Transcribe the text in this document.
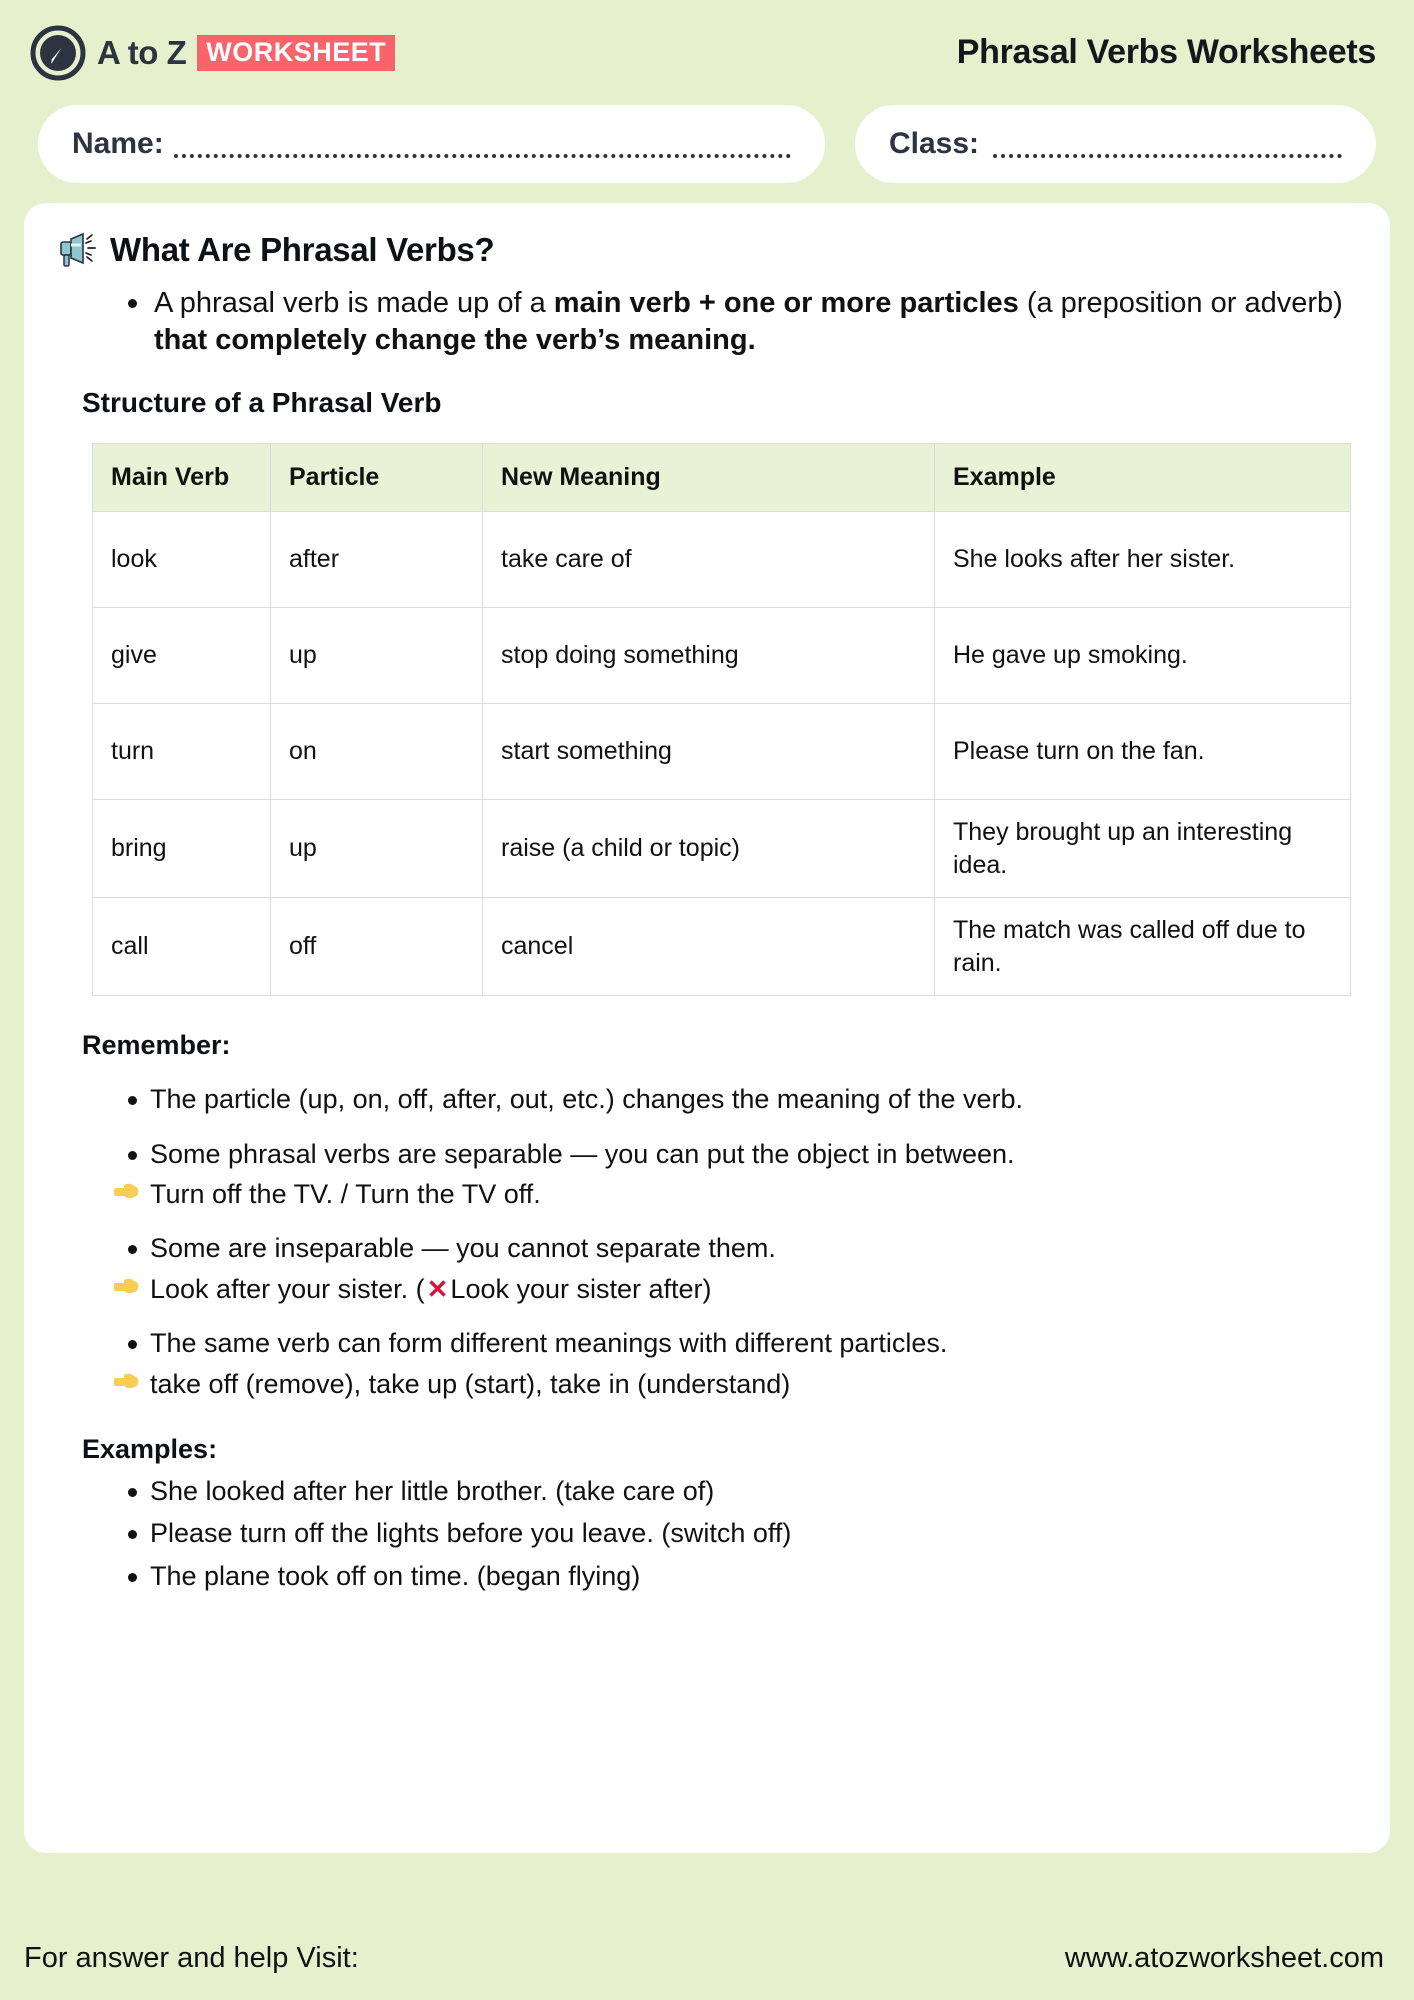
A to Z WORKSHEET	Phrasal Verbs Worksheets
Name:	Class:
What Are Phrasal Verbs?
A phrasal verb is made up of a main verb + one or more particles (a preposition or adverb) that completely change the verb’s meaning.
Structure of a Phrasal Verb
Main Verb	Particle	New Meaning	Example
look	after	take care of	She looks after her sister.
give	up	stop doing something	He gave up smoking.
turn	on	start something	Please turn on the fan.
bring	up	raise (a child or topic)	They brought up an interesting idea.
call	off	cancel	The match was called off due to rain.
Remember:
The particle (up, on, off, after, out, etc.) changes the meaning of the verb.
Some phrasal verbs are separable — you can put the object in between.
Turn off the TV. / Turn the TV off.
Some are inseparable — you cannot separate them.
Look after your sister. (✕Look your sister after)
The same verb can form different meanings with different particles.
take off (remove), take up (start), take in (understand)
Examples:
She looked after her little brother. (take care of)
Please turn off the lights before you leave. (switch off)
The plane took off on time. (began flying)
For answer and help Visit:	www.atozworksheet.com
